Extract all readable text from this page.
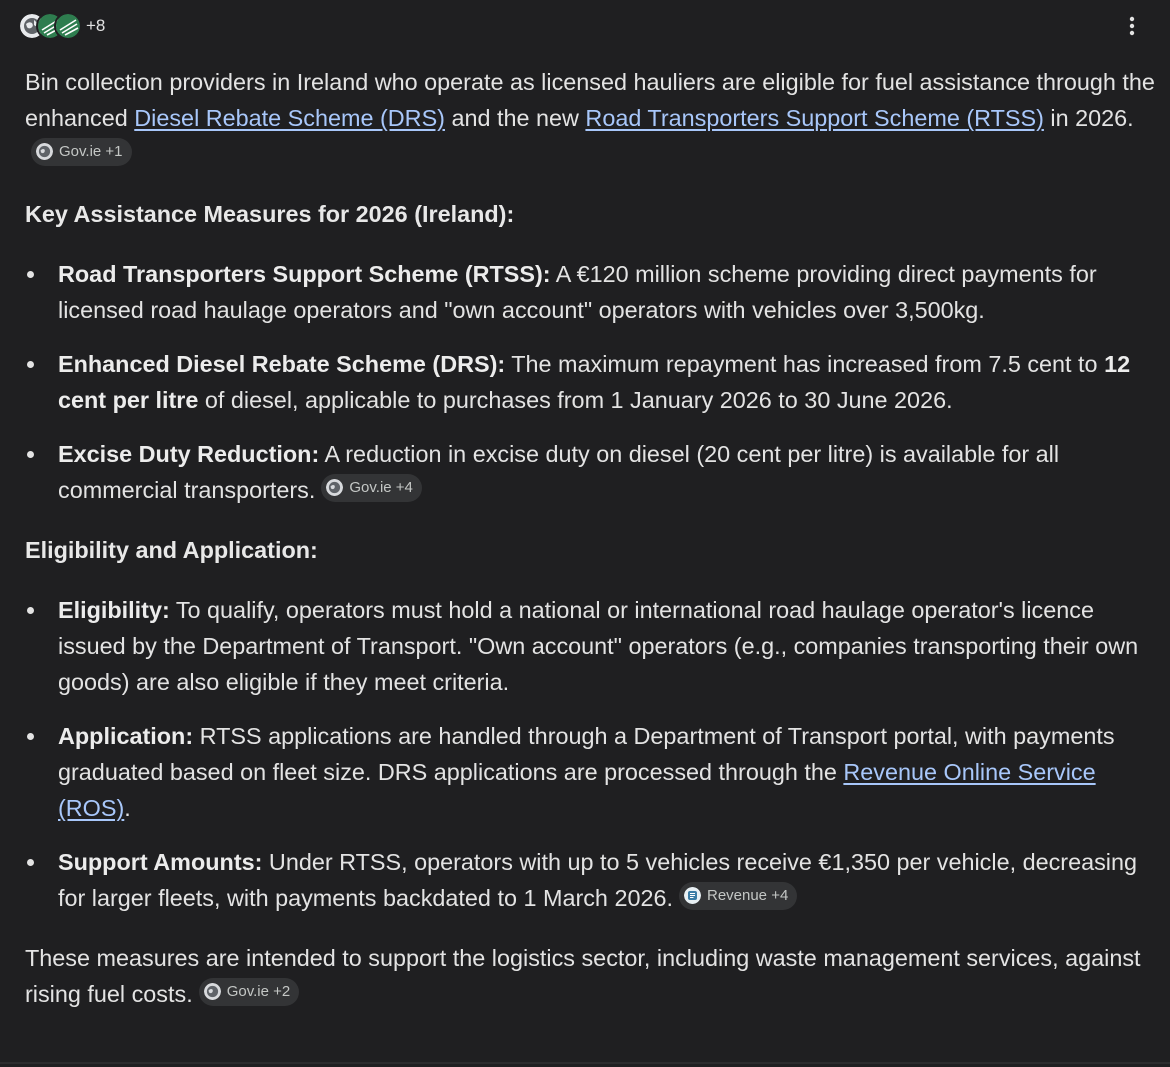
+8

Bin collection providers in Ireland who operate as licensed hauliers are eligible for fuel assistance through the enhanced Diesel Rebate Scheme (DRS) and the new Road Transporters Support Scheme (RTSS) in 2026.
Gov.ie +1

Key Assistance Measures for 2026 (Ireland):
Road Transporters Support Scheme (RTSS): A €120 million scheme providing direct payments for licensed road haulage operators and "own account" operators with vehicles over 3,500kg.
Enhanced Diesel Rebate Scheme (DRS): The maximum repayment has increased from 7.5 cent to 12 cent per litre of diesel, applicable to purchases from 1 January 2026 to 30 June 2026.
Excise Duty Reduction: A reduction in excise duty on diesel (20 cent per litre) is available for all commercial transporters. Gov.ie +4
Eligibility and Application:
Eligibility: To qualify, operators must hold a national or international road haulage operator's licence issued by the Department of Transport. "Own account" operators (e.g., companies transporting their own goods) are also eligible if they meet criteria.
Application: RTSS applications are handled through a Department of Transport portal, with payments graduated based on fleet size. DRS applications are processed through the Revenue Online Service (ROS).
Support Amounts: Under RTSS, operators with up to 5 vehicles receive €1,350 per vehicle, decreasing for larger fleets, with payments backdated to 1 March 2026. Revenue +4

These measures are intended to support the logistics sector, including waste management services, against rising fuel costs. Gov.ie +2
